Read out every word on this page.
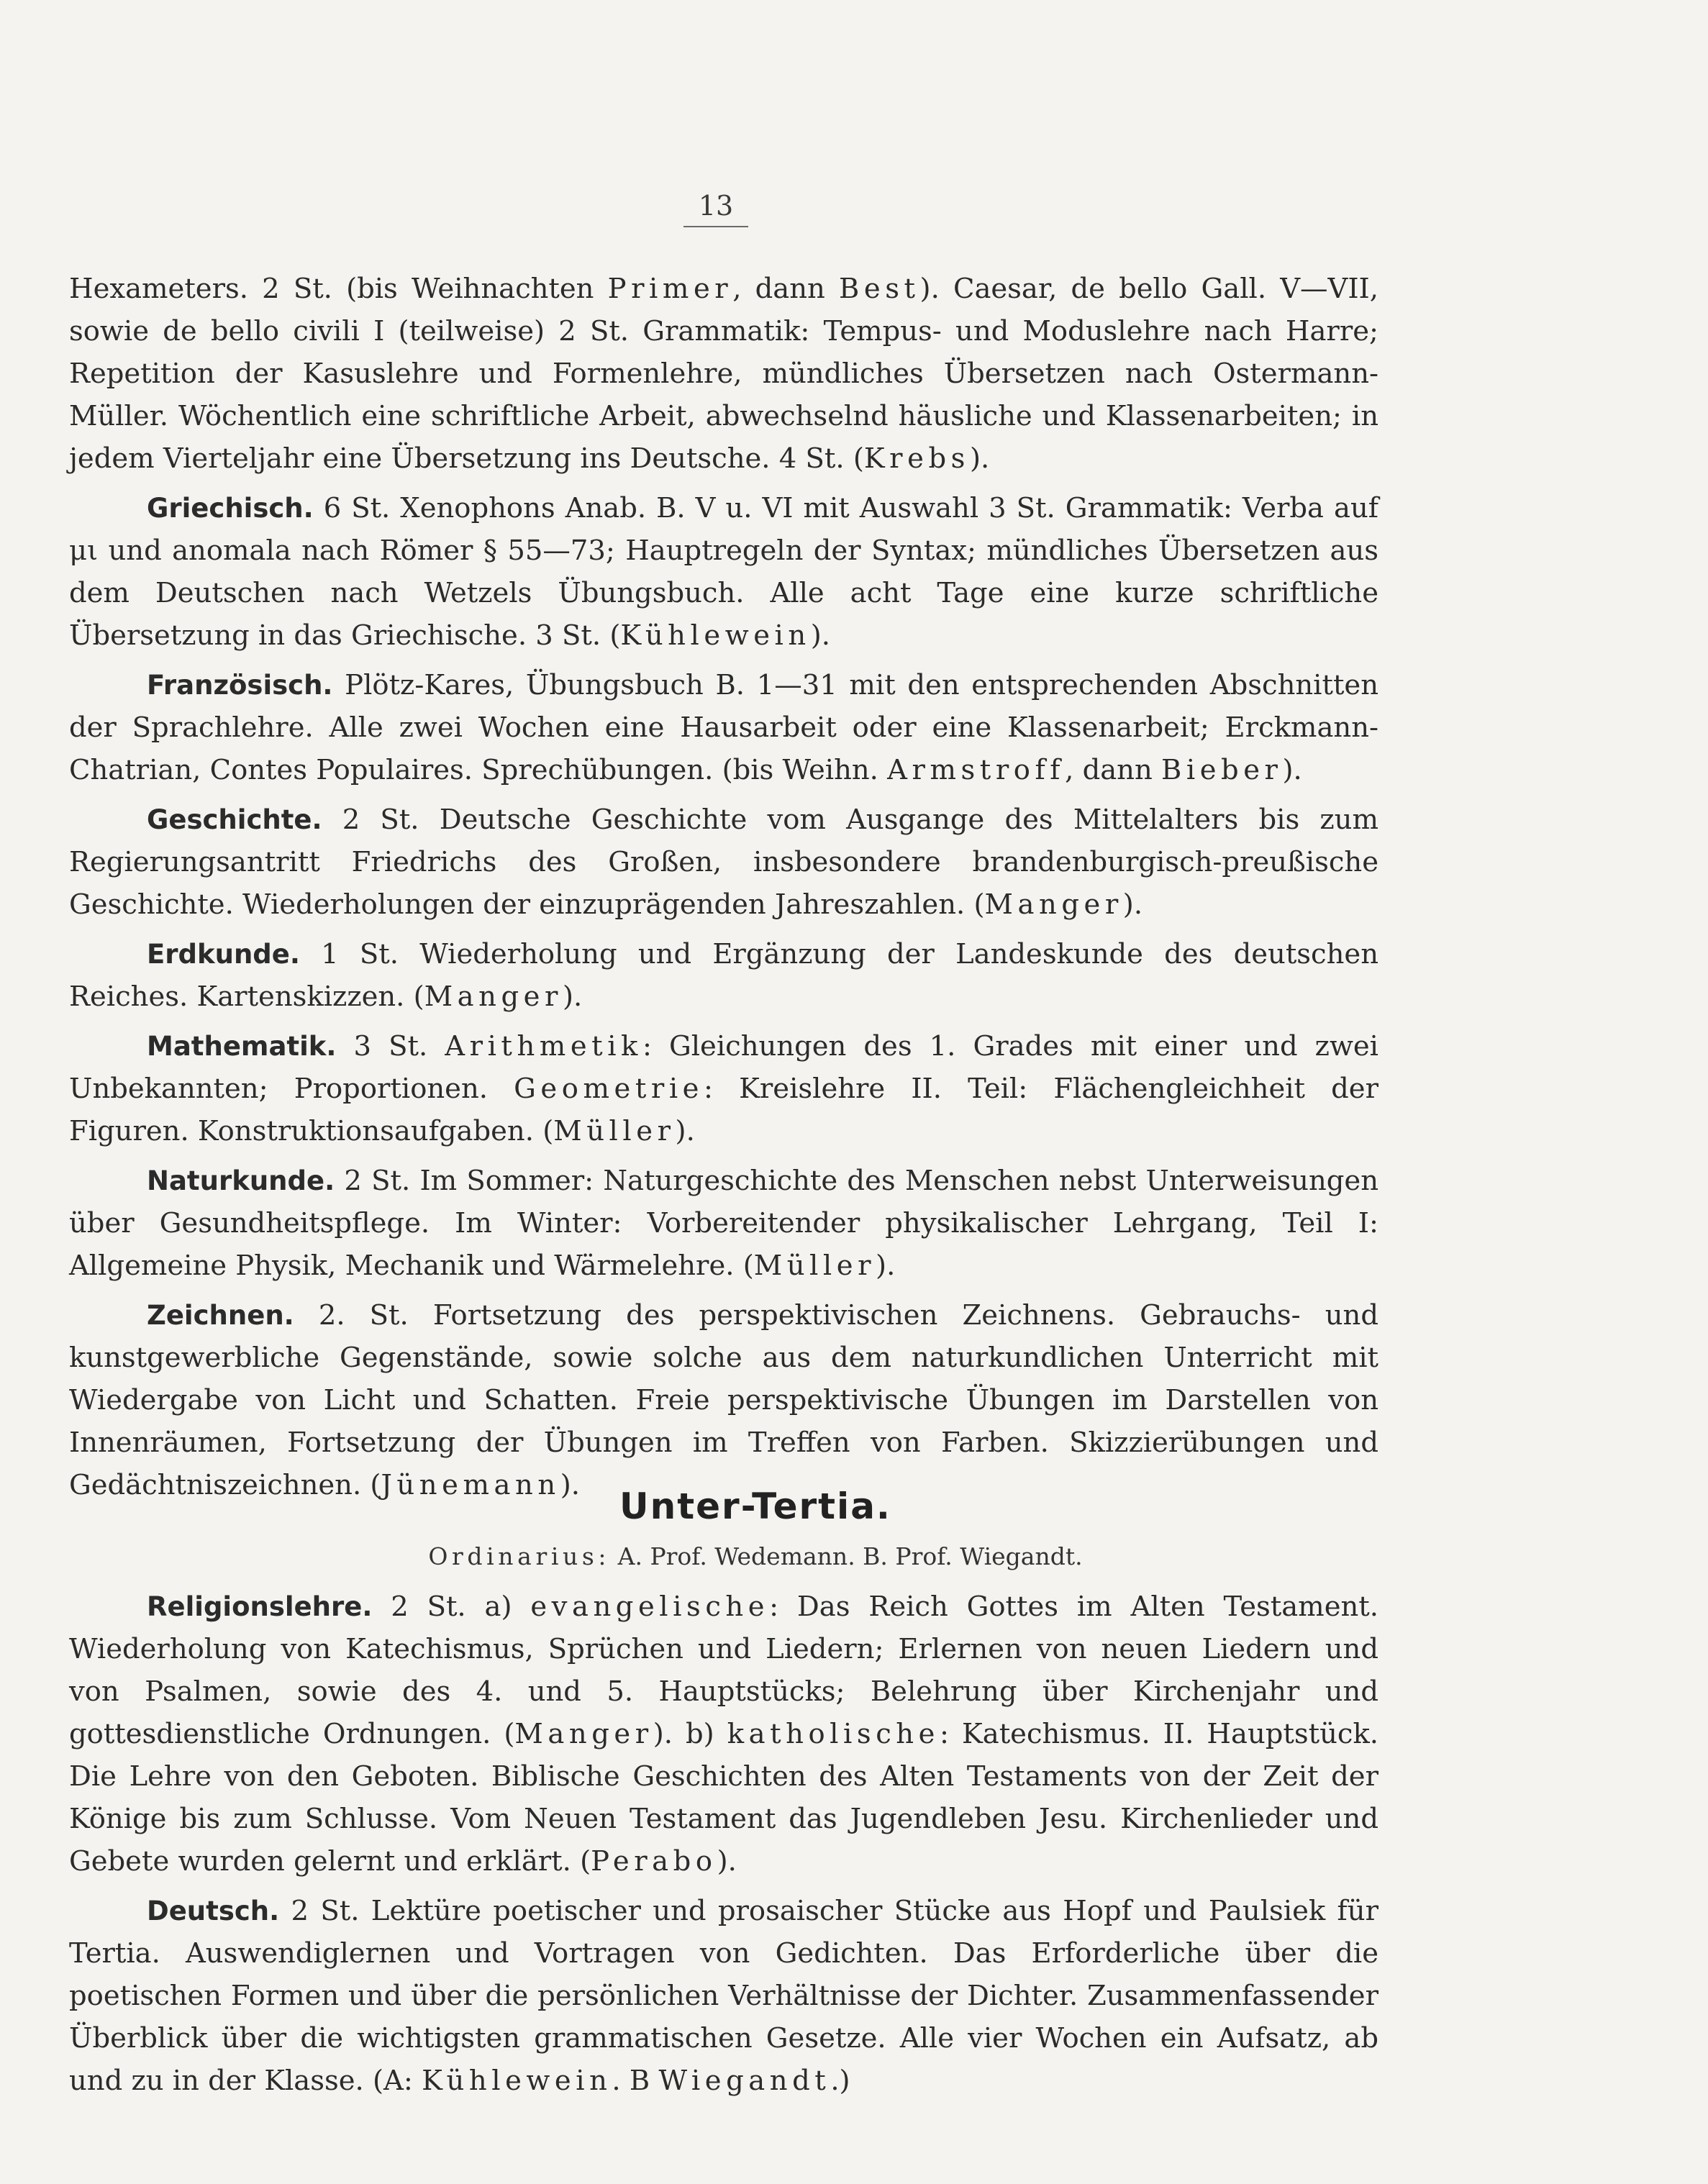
13

Hexameters. 2 St. (bis Weihnachten Primer, dann Best). Caesar, de bello Gall. V—VII, sowie de bello civili I (teilweise) 2 St. Grammatik: Tempus- und Moduslehre nach Harre; Repetition der Kasuslehre und Formenlehre, mündliches Übersetzen nach Ostermann-Müller. Wöchentlich eine schriftliche Arbeit, abwechselnd häusliche und Klassenarbeiten; in jedem Vierteljahr eine Übersetzung ins Deutsche. 4 St. (Krebs).

Griechisch. 6 St. Xenophons Anab. B. V u. VI mit Auswahl 3 St. Grammatik: Verba auf μι und anomala nach Römer § 55—73; Hauptregeln der Syntax; mündliches Übersetzen aus dem Deutschen nach Wetzels Übungsbuch. Alle acht Tage eine kurze schriftliche Übersetzung in das Griechische. 3 St. (Kühlewein).

Französisch. Plötz-Kares, Übungsbuch B. 1—31 mit den entsprechenden Abschnitten der Sprachlehre. Alle zwei Wochen eine Hausarbeit oder eine Klassenarbeit; Erckmann-Chatrian, Contes Populaires. Sprechübungen. (bis Weihn. Armstroff, dann Bieber).

Geschichte. 2 St. Deutsche Geschichte vom Ausgange des Mittelalters bis zum Regierungsantritt Friedrichs des Großen, insbesondere brandenburgisch-preußische Geschichte. Wiederholungen der einzuprägenden Jahreszahlen. (Manger).

Erdkunde. 1 St. Wiederholung und Ergänzung der Landeskunde des deutschen Reiches. Kartenskizzen. (Manger).

Mathematik. 3 St. Arithmetik: Gleichungen des 1. Grades mit einer und zwei Unbekannten; Proportionen. Geometrie: Kreislehre II. Teil: Flächengleichheit der Figuren. Konstruktionsaufgaben. (Müller).

Naturkunde. 2 St. Im Sommer: Naturgeschichte des Menschen nebst Unterweisungen über Gesundheitspflege. Im Winter: Vorbereitender physikalischer Lehrgang, Teil I: Allgemeine Physik, Mechanik und Wärmelehre. (Müller).

Zeichnen. 2. St. Fortsetzung des perspektivischen Zeichnens. Gebrauchs- und kunstgewerbliche Gegenstände, sowie solche aus dem naturkundlichen Unterricht mit Wiedergabe von Licht und Schatten. Freie perspektivische Übungen im Darstellen von Innenräumen, Fortsetzung der Übungen im Treffen von Farben. Skizzierübungen und Gedächtniszeichnen. (Jünemann).

Unter-Tertia.
Ordinarius: A. Prof. Wedemann. B. Prof. Wiegandt.

Religionslehre. 2 St. a) evangelische: Das Reich Gottes im Alten Testament. Wiederholung von Katechismus, Sprüchen und Liedern; Erlernen von neuen Liedern und von Psalmen, sowie des 4. und 5. Hauptstücks; Belehrung über Kirchenjahr und gottesdienstliche Ordnungen. (Manger). b) katholische: Katechismus. II. Hauptstück. Die Lehre von den Geboten. Biblische Geschichten des Alten Testaments von der Zeit der Könige bis zum Schlusse. Vom Neuen Testament das Jugendleben Jesu. Kirchenlieder und Gebete wurden gelernt und erklärt. (Perabo).

Deutsch. 2 St. Lektüre poetischer und prosaischer Stücke aus Hopf und Paulsiek für Tertia. Auswendiglernen und Vortragen von Gedichten. Das Erforderliche über die poetischen Formen und über die persönlichen Verhältnisse der Dichter. Zusammenfassender Überblick über die wichtigsten grammatischen Gesetze. Alle vier Wochen ein Aufsatz, ab und zu in der Klasse. (A: Kühlewein. B Wiegandt.)
